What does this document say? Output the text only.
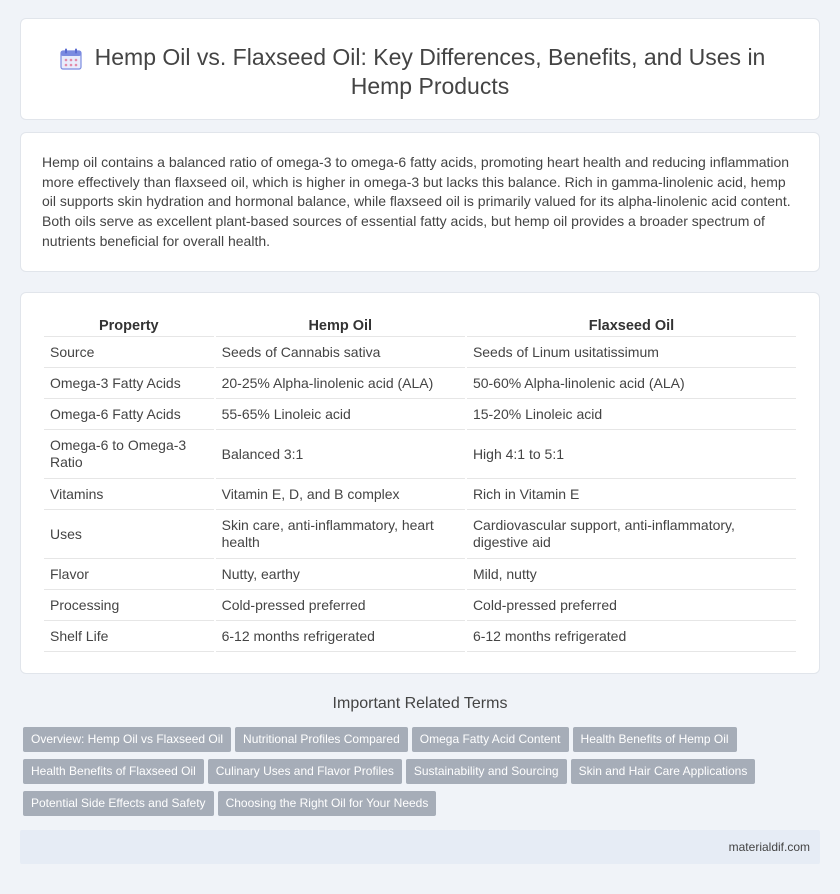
Hemp Oil vs. Flaxseed Oil: Key Differences, Benefits, and Uses in Hemp Products

Hemp oil contains a balanced ratio of omega-3 to omega-6 fatty acids, promoting heart health and reducing inflammation more effectively than flaxseed oil, which is higher in omega-3 but lacks this balance. Rich in gamma-linolenic acid, hemp oil supports skin hydration and hormonal balance, while flaxseed oil is primarily valued for its alpha-linolenic acid content. Both oils serve as excellent plant-based sources of essential fatty acids, but hemp oil provides a broader spectrum of nutrients beneficial for overall health.

Property	Hemp Oil	Flaxseed Oil
Source	Seeds of Cannabis sativa	Seeds of Linum usitatissimum
Omega-3 Fatty Acids	20-25% Alpha-linolenic acid (ALA)	50-60% Alpha-linolenic acid (ALA)
Omega-6 Fatty Acids	55-65% Linoleic acid	15-20% Linoleic acid
Omega-6 to Omega-3 Ratio	Balanced 3:1	High 4:1 to 5:1
Vitamins	Vitamin E, D, and B complex	Rich in Vitamin E
Uses	Skin care, anti-inflammatory, heart health	Cardiovascular support, anti-inflammatory, digestive aid
Flavor	Nutty, earthy	Mild, nutty
Processing	Cold-pressed preferred	Cold-pressed preferred
Shelf Life	6-12 months refrigerated	6-12 months refrigerated
Important Related Terms
Overview: Hemp Oil vs Flaxseed Oil Nutritional Profiles Compared Omega Fatty Acid Content Health Benefits of Hemp Oil
Health Benefits of Flaxseed Oil Culinary Uses and Flavor Profiles Sustainability and Sourcing Skin and Hair Care Applications
Potential Side Effects and Safety Choosing the Right Oil for Your Needs
materialdif.com
